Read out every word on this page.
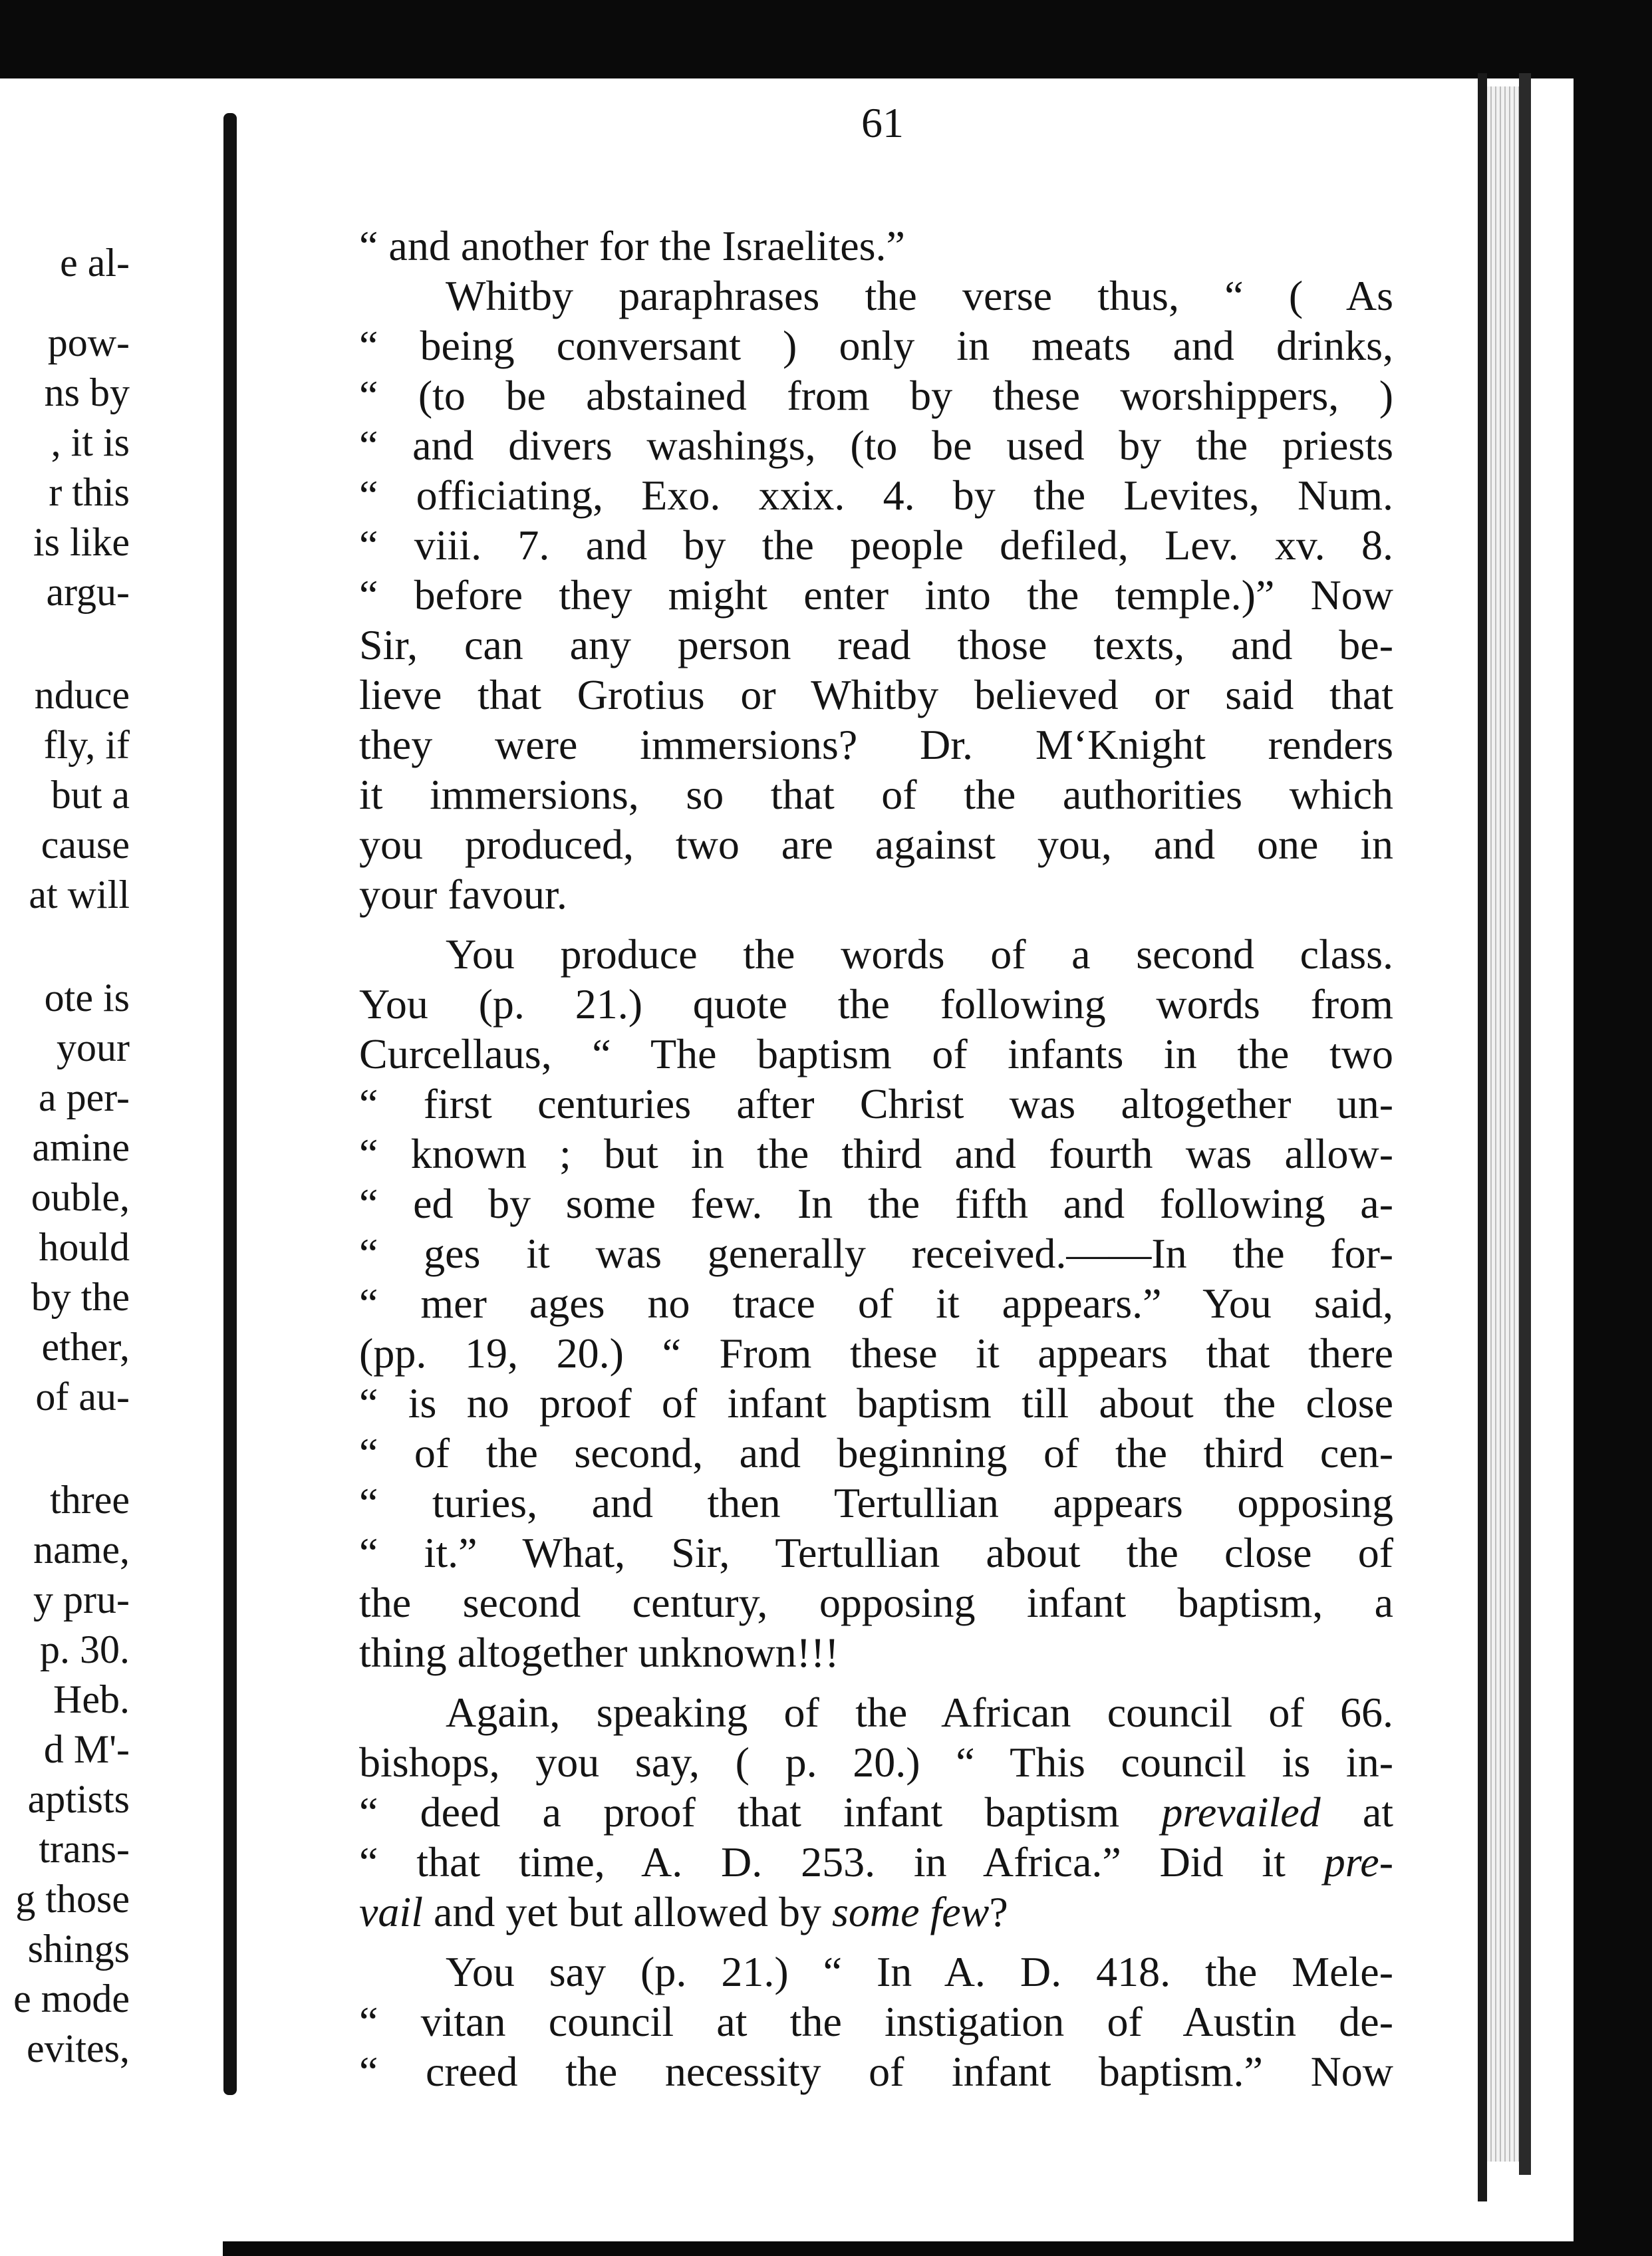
e al-
pow-
ns by
, it is
r this
is like
argu-
nduce
fly, if
but a
cause
at will
ote is
your
a per-
amine
ouble,
hould
by the
ether,
of au-
three
name,
y pru-
p. 30.
Heb.
d M'-
aptists
trans-
g those
shings
e mode
evites,
61
“ and another for the Israelites.”
Whitby paraphrases the verse thus, “ ( As
“ being conversant ) only in meats and drinks,
“ (to be abstained from by these worshippers, )
“ and divers washings, (to be used by the priests
“ officiating, Exo. xxix. 4. by the Levites, Num.
“ viii. 7. and by the people defiled, Lev. xv. 8.
“ before they might enter into the temple.)” Now
Sir, can any person read those texts, and be-
lieve that Grotius or Whitby believed or said that
they were immersions? Dr. M‘Knight renders
it immersions, so that of the authorities which
you produced, two are against you, and one in
your favour.
You produce the words of a second class.
You (p. 21.) quote the following words from
Curcellaus, “ The baptism of infants in the two
“ first centuries after Christ was altogether un-
“ known ; but in the third and fourth was allow-
“ ed by some few. In the fifth and following a-
“ ges it was generally received.——In the for-
“ mer ages no trace of it appears.” You said,
(pp. 19, 20.) “ From these it appears that there
“ is no proof of infant baptism till about the close
“ of the second, and beginning of the third cen-
“ turies, and then Tertullian appears opposing
“ it.” What, Sir, Tertullian about the close of
the second century, opposing infant baptism, a
thing altogether unknown!!!
Again, speaking of the African council of 66.
bishops, you say, ( p. 20.) “ This council is in-
“ deed a proof that infant baptism prevailed at
“ that time, A. D. 253. in Africa.” Did it pre-
vail and yet but allowed by some few?
You say (p. 21.) “ In A. D. 418. the Mele-
“ vitan council at the instigation of Austin de-
“ creed the necessity of infant baptism.” Now
